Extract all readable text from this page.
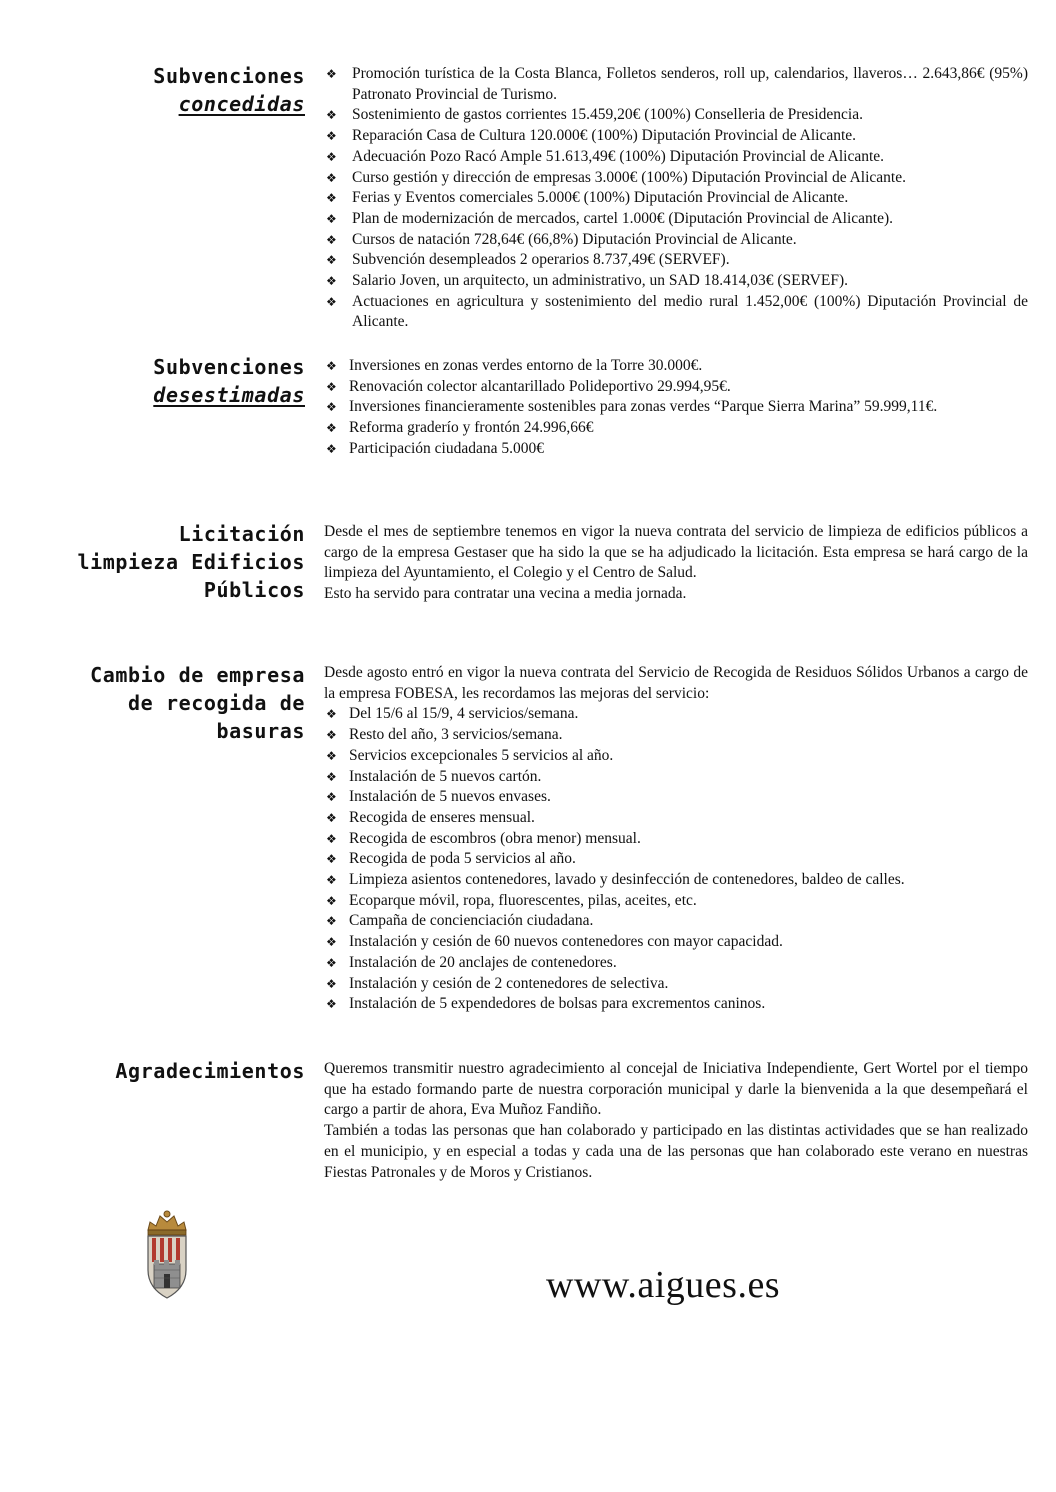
Subvenciones
concedidas
❖ Promoción turística de la Costa Blanca, Folletos senderos, roll up, calendarios, llaveros… 2.643,86€ (95%) Patronato Provincial de Turismo.
❖ Sostenimiento de gastos corrientes 15.459,20€ (100%) Conselleria de Presidencia.
❖ Reparación Casa de Cultura 120.000€ (100%) Diputación Provincial de Alicante.
❖ Adecuación Pozo Racó Ample 51.613,49€ (100%) Diputación Provincial de Alicante.
❖ Curso gestión y dirección de empresas 3.000€ (100%) Diputación Provincial de Alicante.
❖ Ferias y Eventos comerciales 5.000€ (100%) Diputación Provincial de Alicante.
❖ Plan de modernización de mercados, cartel 1.000€ (Diputación Provincial de Alicante).
❖ Cursos de natación 728,64€ (66,8%) Diputación Provincial de Alicante.
❖ Subvención desempleados 2 operarios 8.737,49€ (SERVEF).
❖ Salario Joven, un arquitecto, un administrativo, un SAD 18.414,03€ (SERVEF).
❖ Actuaciones en agricultura y sostenimiento del medio rural 1.452,00€ (100%) Diputación Provincial de Alicante.
Subvenciones
desestimadas
❖ Inversiones en zonas verdes entorno de la Torre 30.000€.
❖ Renovación colector alcantarillado Polideportivo 29.994,95€.
❖ Inversiones financieramente sostenibles para zonas verdes “Parque Sierra Marina” 59.999,11€.
❖ Reforma graderío y frontón 24.996,66€
❖ Participación ciudadana 5.000€
Licitación
limpieza Edificios
Públicos

Desde el mes de septiembre tenemos en vigor la nueva contrata del servicio de limpieza de edificios públicos a cargo de la empresa Gestaser que ha sido la que se ha adjudicado la licitación. Esta empresa se hará cargo de la limpieza del Ayuntamiento, el Colegio y el Centro de Salud.

Esto ha servido para contratar una vecina a media jornada.

Cambio de empresa
de recogida de
basuras

Desde agosto entró en vigor la nueva contrata del Servicio de Recogida de Residuos Sólidos Urbanos a cargo de la empresa FOBESA, les recordamos las mejoras del servicio:

❖ Del 15/6 al 15/9, 4 servicios/semana.
❖ Resto del año, 3 servicios/semana.
❖ Servicios excepcionales 5 servicios al año.
❖ Instalación de 5 nuevos cartón.
❖ Instalación de 5 nuevos envases.
❖ Recogida de enseres mensual.
❖ Recogida de escombros (obra menor) mensual.
❖ Recogida de poda 5 servicios al año.
❖ Limpieza asientos contenedores, lavado y desinfección de contenedores, baldeo de calles.
❖ Ecoparque móvil, ropa, fluorescentes, pilas, aceites, etc.
❖ Campaña de concienciación ciudadana.
❖ Instalación y cesión de 60 nuevos contenedores con mayor capacidad.
❖ Instalación de 20 anclajes de contenedores.
❖ Instalación y cesión de 2 contenedores de selectiva.
❖ Instalación de 5 expendedores de bolsas para excrementos caninos.
Agradecimientos Queremos transmitir nuestro agradecimiento al concejal de Iniciativa Independiente, Gert Wortel por el tiempo que ha estado formando parte de nuestra corporación municipal y darle la bienvenida a la que desempeñará el cargo a partir de ahora, Eva Muñoz Fandiño.

También a todas las personas que han colaborado y participado en las distintas actividades que se han realizado en el municipio, y en especial a todas y cada una de las personas que han colaborado este verano en nuestras Fiestas Patronales y de Moros y Cristianos.

www.aigues.es
